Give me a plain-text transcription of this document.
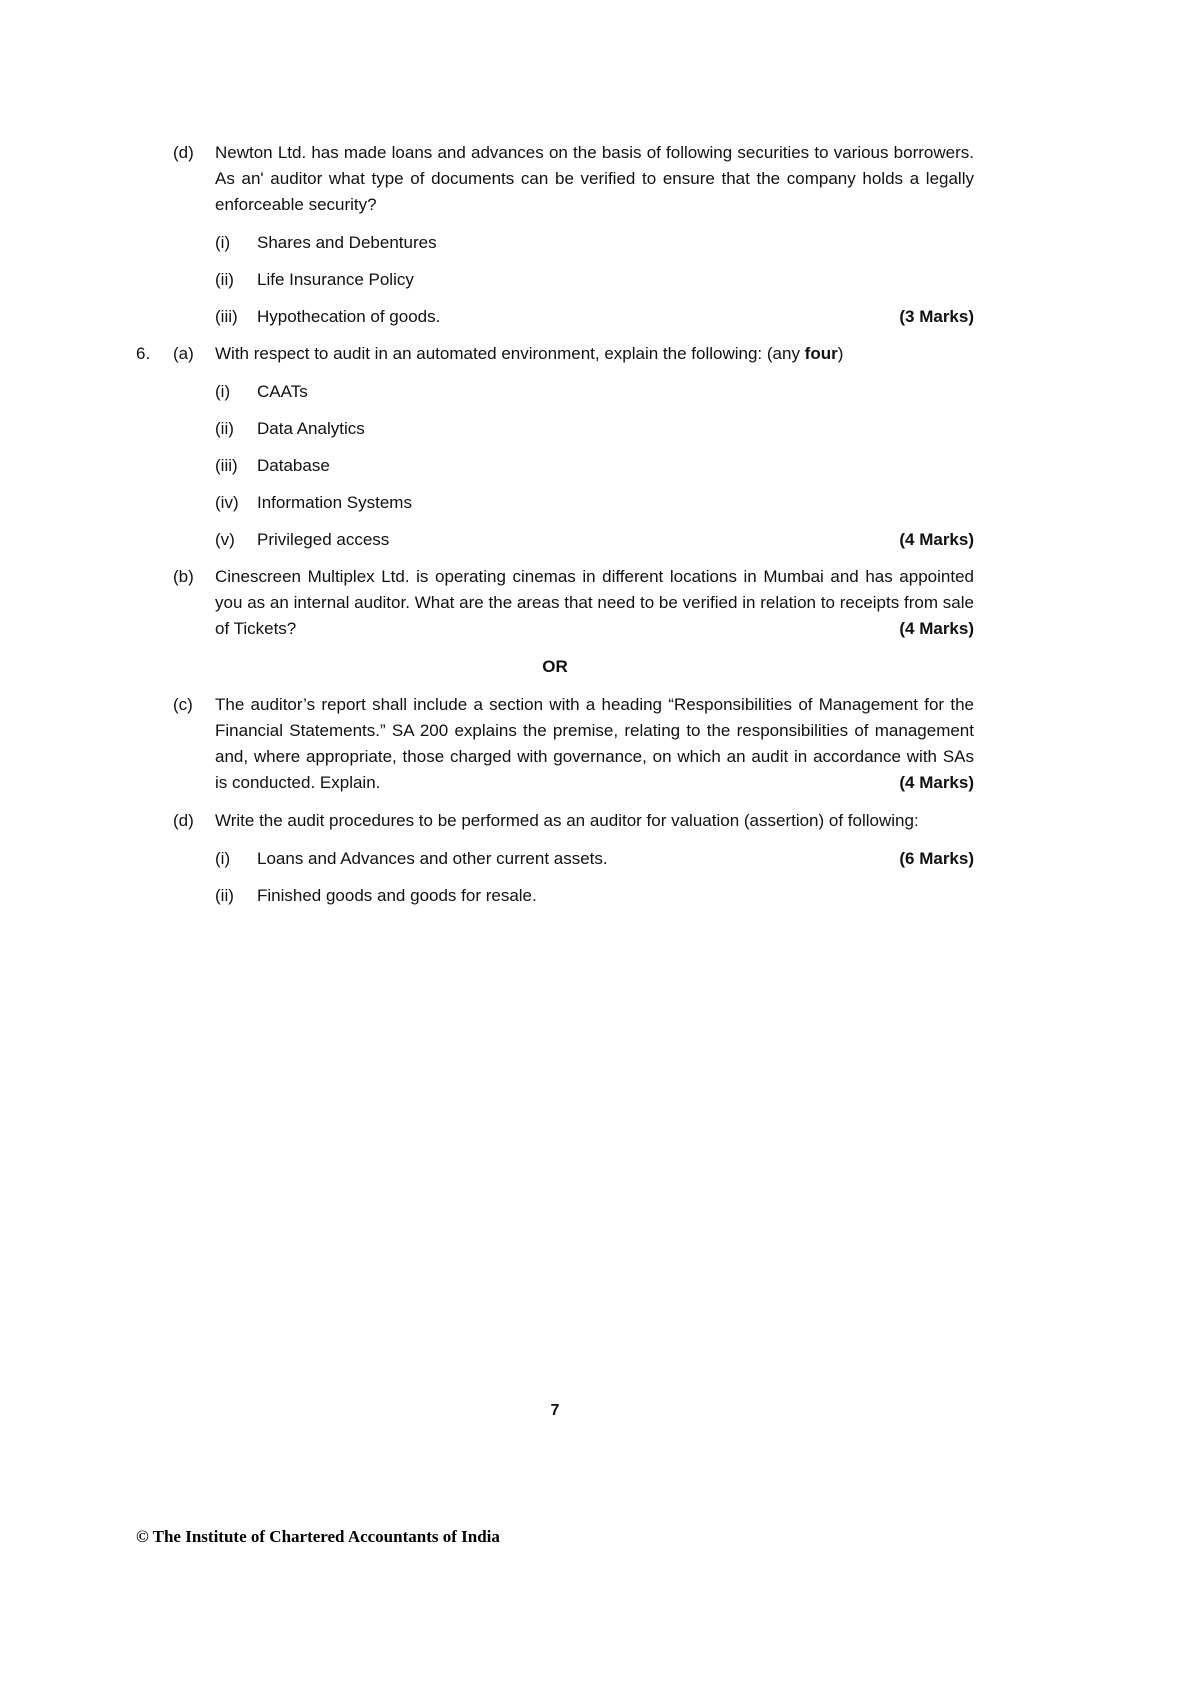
(d)	Newton Ltd. has made loans and advances on the basis of following securities to various borrowers. As an' auditor what type of documents can be verified to ensure that the company holds a legally enforceable security?
(i)	Shares and Debentures
(ii)	Life Insurance Policy
(iii)	Hypothecation of goods.	(3 Marks)
6.	(a)	With respect to audit in an automated environment, explain the following: (any four)
(i)	CAATs
(ii)	Data Analytics
(iii)	Database
(iv)	Information Systems
(v)	Privileged access	(4 Marks)
(b)	Cinescreen Multiplex Ltd. is operating cinemas in different locations in Mumbai and has appointed you as an internal auditor. What are the areas that need to be verified in relation to receipts from sale of Tickets?	(4 Marks)
OR
(c)	The auditor’s report shall include a section with a heading “Responsibilities of Management for the Financial Statements.” SA 200 explains the premise, relating to the responsibilities of management and, where appropriate, those charged with governance, on which an audit in accordance with SAs is conducted. Explain.	(4 Marks)
(d)	Write the audit procedures to be performed as an auditor for valuation (assertion) of following:
(i)	Loans and Advances and other current assets.	(6 Marks)
(ii)	Finished goods and goods for resale.
7
© The Institute of Chartered Accountants of India
